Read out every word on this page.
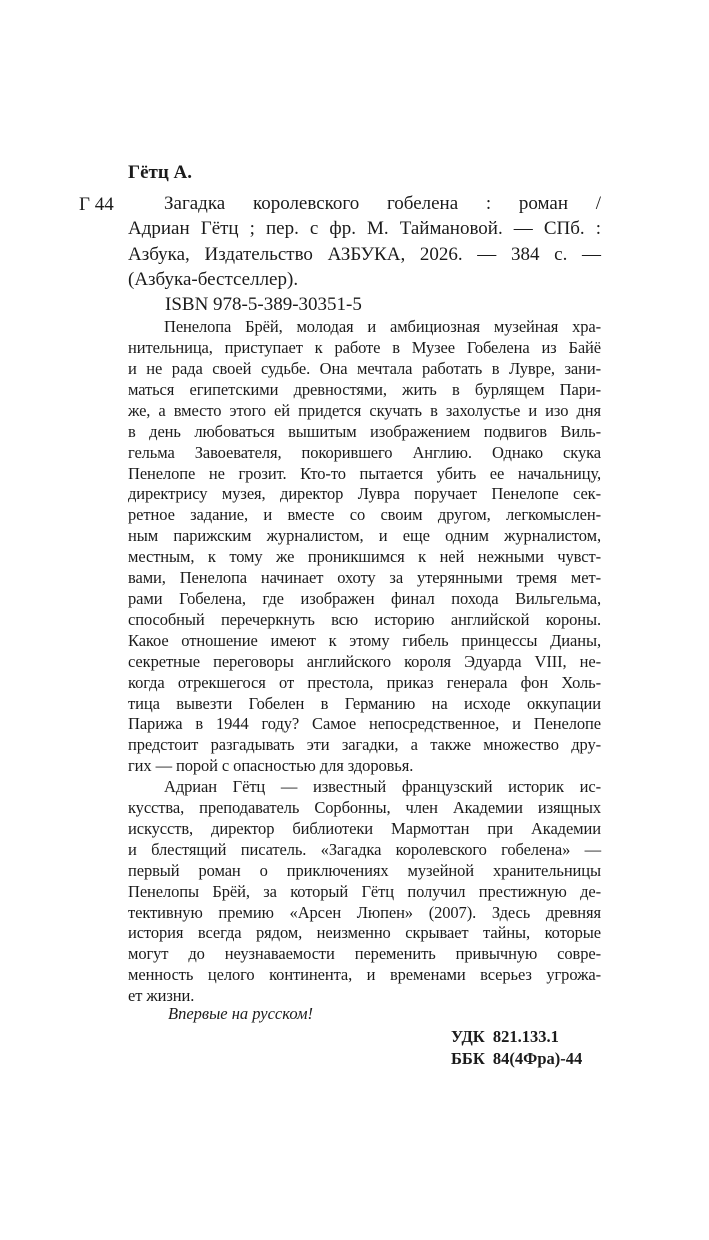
Гётц А.
Г 44	Загадка королевского гобелена : роман /
Адриан Гётц ; пер. с фр. М. Таймановой. — СПб. :
Азбука, Издательство АЗБУКА, 2026. — 384 с. —
(Азбука-бестселлер).
ISBN 978-5-389-30351-5
Пенелопа Брёй, молодая и амбициозная музейная хра-
нительница, приступает к работе в Музее Гобелена из Байё
и не рада своей судьбе. Она мечтала работать в Лувре, зани-
маться египетскими древностями, жить в бурлящем Пари-
же, а вместо этого ей придется скучать в захолустье и изо дня
в день любоваться вышитым изображением подвигов Виль-
гельма Завоевателя, покорившего Англию. Однако скука
Пенелопе не грозит. Кто-то пытается убить ее начальницу,
директрису музея, директор Лувра поручает Пенелопе сек-
ретное задание, и вместе со своим другом, легкомыслен-
ным парижским журналистом, и еще одним журналистом,
местным, к тому же проникшимся к ней нежными чувст-
вами, Пенелопа начинает охоту за утерянными тремя мет-
рами Гобелена, где изображен финал похода Вильгельма,
способный перечеркнуть всю историю английской короны.
Какое отношение имеют к этому гибель принцессы Дианы,
секретные переговоры английского короля Эдуарда VIII, не-
когда отрекшегося от престола, приказ генерала фон Холь-
тица вывезти Гобелен в Германию на исходе оккупации
Парижа в 1944 году? Самое непосредственное, и Пенелопе
предстоит разгадывать эти загадки, а также множество дру-
гих — порой с опасностью для здоровья.
Адриан Гётц — известный французский историк ис-
кусства, преподаватель Сорбонны, член Академии изящных
искусств, директор библиотеки Мармоттан при Академии
и блестящий писатель. «Загадка королевского гобелена» —
первый роман о приключениях музейной хранительницы
Пенелопы Брёй, за который Гётц получил престижную де-
тективную премию «Арсен Люпен» (2007). Здесь древняя
история всегда рядом, неизменно скрывает тайны, которые
могут до неузнаваемости переменить привычную совре-
менность целого континента, и временами всерьез угрожа-
ет жизни.
Впервые на русском!
УДК 821.133.1
ББК 84(4Фра)-44
